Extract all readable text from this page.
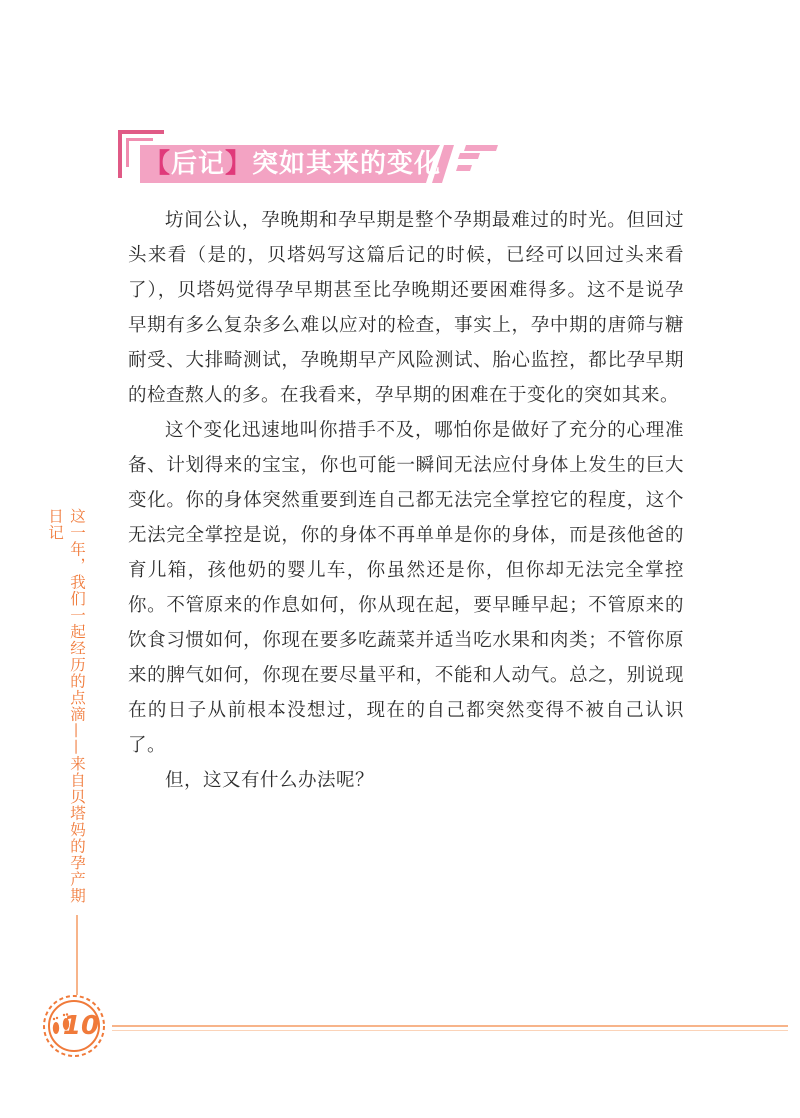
【后记】突如其来的变化

坊间公认，孕晚期和孕早期是整个孕期最难过的时光。但回过头来看（是的，贝塔妈写这篇后记的时候，已经可以回过头来看了），贝塔妈觉得孕早期甚至比孕晚期还要困难得多。这不是说孕早期有多么复杂多么难以应对的检查，事实上，孕中期的唐筛与糖耐受、大排畸测试，孕晚期早产风险测试、胎心监控，都比孕早期的检查熬人的多。在我看来，孕早期的困难在于变化的突如其来。

这个变化迅速地叫你措手不及，哪怕你是做好了充分的心理准备、计划得来的宝宝，你也可能一瞬间无法应付身体上发生的巨大变化。你的身体突然重要到连自己都无法完全掌控它的程度，这个无法完全掌控是说，你的身体不再单单是你的身体，而是孩他爸的育儿箱，孩他奶的婴儿车，你虽然还是你，但你却无法完全掌控你。不管原来的作息如何，你从现在起，要早睡早起；不管原来的饮食习惯如何，你现在要多吃蔬菜并适当吃水果和肉类；不管你原来的脾气如何，你现在要尽量平和，不能和人动气。总之，别说现在的日子从前根本没想过，现在的自己都突然变得不被自己认识了。

但，这又有什么办法呢？

这一年，我们一起经历的点滴——来自贝塔妈的孕产期日记
10
